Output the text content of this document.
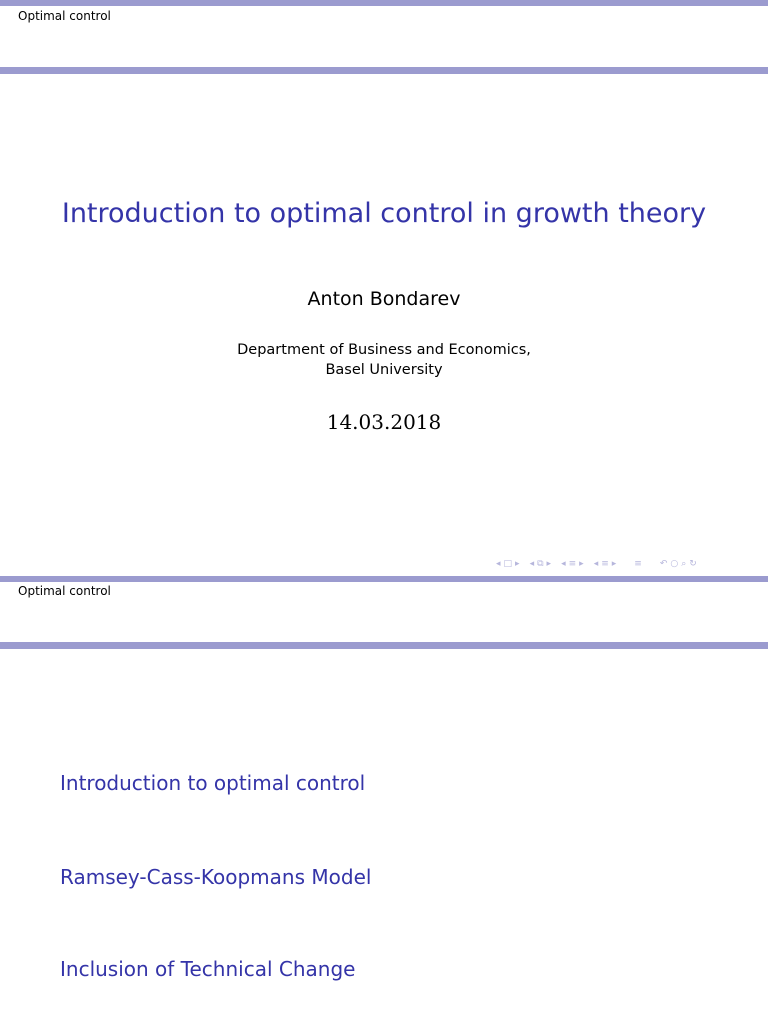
Optimal control
Introduction to optimal control in growth theory
Anton Bondarev
Department of Business and Economics,
Basel University
14.03.2018
◂ □ ▸ ◂ ⧉ ▸ ◂ ≡ ▸ ◂ ≡ ▸ ≡ ↶ ○ ⌕ ↻
Optimal control
Introduction to optimal control
Ramsey-Cass-Koopmans Model
Inclusion of Technical Change
